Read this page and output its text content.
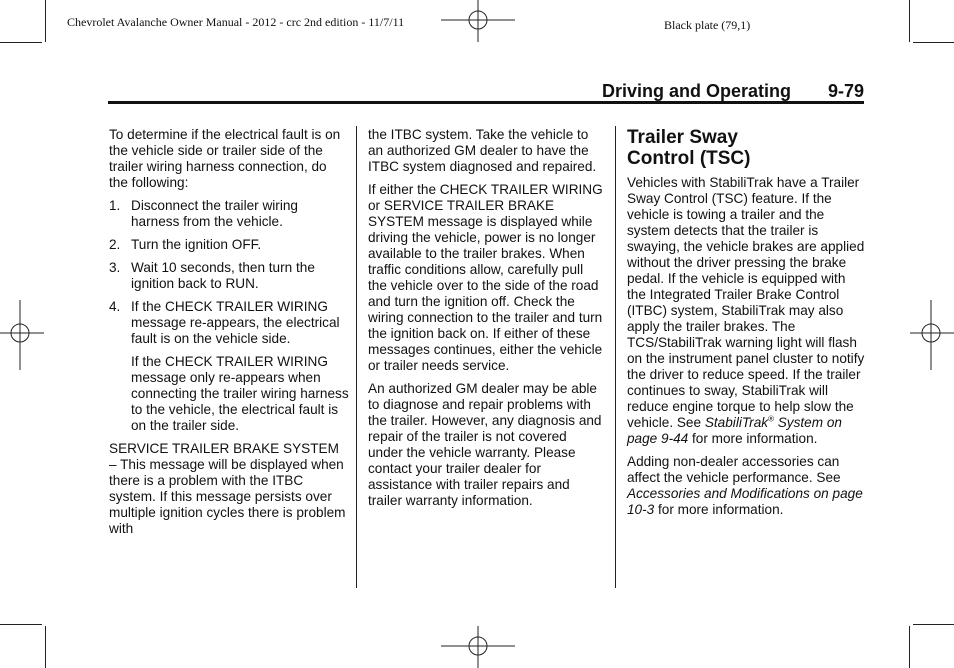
Chevrolet Avalanche Owner Manual - 2012 - crc 2nd edition - 11/7/11	Black plate (79,1)
Driving and Operating 9-79

To determine if the electrical fault is on the vehicle side or trailer side of the trailer wiring harness connection, do the following:

1. Disconnect the trailer wiring harness from the vehicle.
2. Turn the ignition OFF.
3. Wait 10 seconds, then turn the ignition back to RUN.
4. If the CHECK TRAILER WIRING message re-appears, the electrical fault is on the vehicle side.

If the CHECK TRAILER WIRING message only re-appears when connecting the trailer wiring harness to the vehicle, the electrical fault is on the trailer side.

SERVICE TRAILER BRAKE SYSTEM – This message will be displayed when there is a problem with the ITBC system. If this message persists over multiple ignition cycles there is problem with

the ITBC system. Take the vehicle to an authorized GM dealer to have the ITBC system diagnosed and repaired.

If either the CHECK TRAILER WIRING or SERVICE TRAILER BRAKE SYSTEM message is displayed while driving the vehicle, power is no longer available to the trailer brakes. When traffic conditions allow, carefully pull the vehicle over to the side of the road and turn the ignition off. Check the wiring connection to the trailer and turn the ignition back on. If either of these messages continues, either the vehicle or trailer needs service.

An authorized GM dealer may be able to diagnose and repair problems with the trailer. However, any diagnosis and repair of the trailer is not covered under the vehicle warranty. Please contact your trailer dealer for assistance with trailer repairs and trailer warranty information.

Trailer Sway
Control (TSC)

Vehicles with StabiliTrak have a Trailer Sway Control (TSC) feature. If the vehicle is towing a trailer and the system detects that the trailer is swaying, the vehicle brakes are applied without the driver pressing the brake pedal. If the vehicle is equipped with the Integrated Trailer Brake Control (ITBC) system, StabiliTrak may also apply the trailer brakes. The TCS/StabiliTrak warning light will flash on the instrument panel cluster to notify the driver to reduce speed. If the trailer continues to sway, StabiliTrak will reduce engine torque to help slow the vehicle. See StabiliTrak® System on page 9-44 for more information.

Adding non-dealer accessories can affect the vehicle performance. See Accessories and Modifications on page 10-3 for more information.
